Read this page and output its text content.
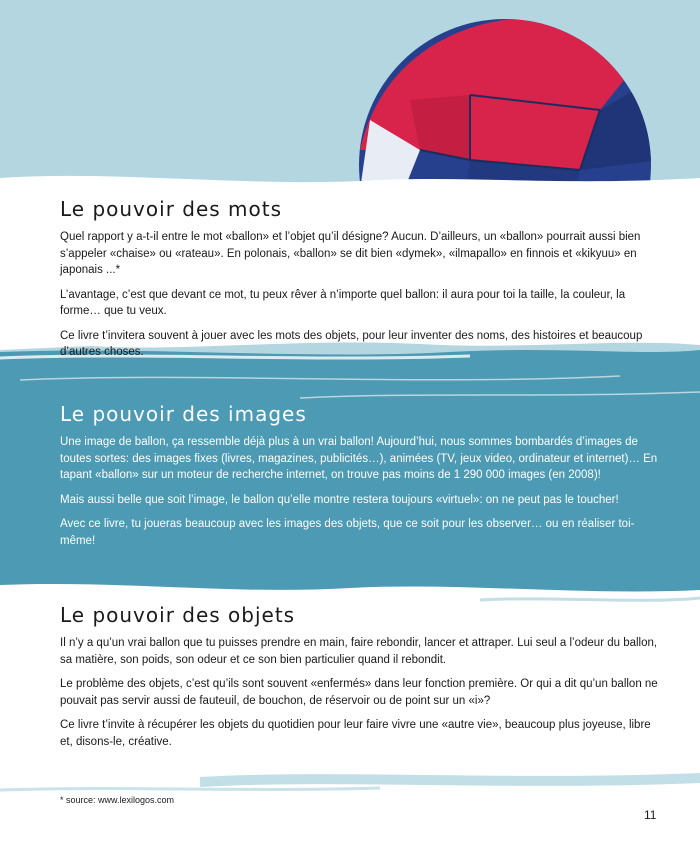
Le pouvoir des mots

Quel rapport y a-t-il entre le mot «ballon» et l’objet qu’il désigne? Aucun. D’ailleurs, un «ballon» pourrait aussi bien s’appeler «chaise» ou «rateau». En polonais, «ballon» se dit bien «dymek», «ilmapallo» en finnois et «kikyuu» en japonais ...*

L’avantage, c’est que devant ce mot, tu peux rêver à n’importe quel ballon: il aura pour toi la taille, la couleur, la forme… que tu veux.

Ce livre t’invitera souvent à jouer avec les mots des objets, pour leur inventer des noms, des histoires et beaucoup d’autres choses.

Le pouvoir des images

Une image de ballon, ça ressemble déjà plus à un vrai ballon! Aujourd’hui, nous sommes bombardés d’images de toutes sortes: des images fixes (livres, magazines, publicités…), animées (TV, jeux video, ordinateur et internet)… En tapant «ballon» sur un moteur de recherche internet, on trouve pas moins de 1 290 000 images (en 2008)!

Mais aussi belle que soit l’image, le ballon qu’elle montre restera toujours «virtuel»: on ne peut pas le toucher!

Avec ce livre, tu joueras beaucoup avec les images des objets, que ce soit pour les observer… ou en réaliser toi-même!

Le pouvoir des objets

Il n’y a qu’un vrai ballon que tu puisses prendre en main, faire rebondir, lancer et attraper. Lui seul a l’odeur du ballon, sa matière, son poids, son odeur et ce son bien particulier quand il rebondit.

Le problème des objets, c’est qu’ils sont souvent «enfermés» dans leur fonction première. Or qui a dit qu’un ballon ne pouvait pas servir aussi de fauteuil, de bouchon, de réservoir ou de point sur un «i»?

Ce livre t’invite à récupérer les objets du quotidien pour leur faire vivre une «autre vie», beaucoup plus joyeuse, libre et, disons-le, créative.

* source: www.lexilogos.com
11
